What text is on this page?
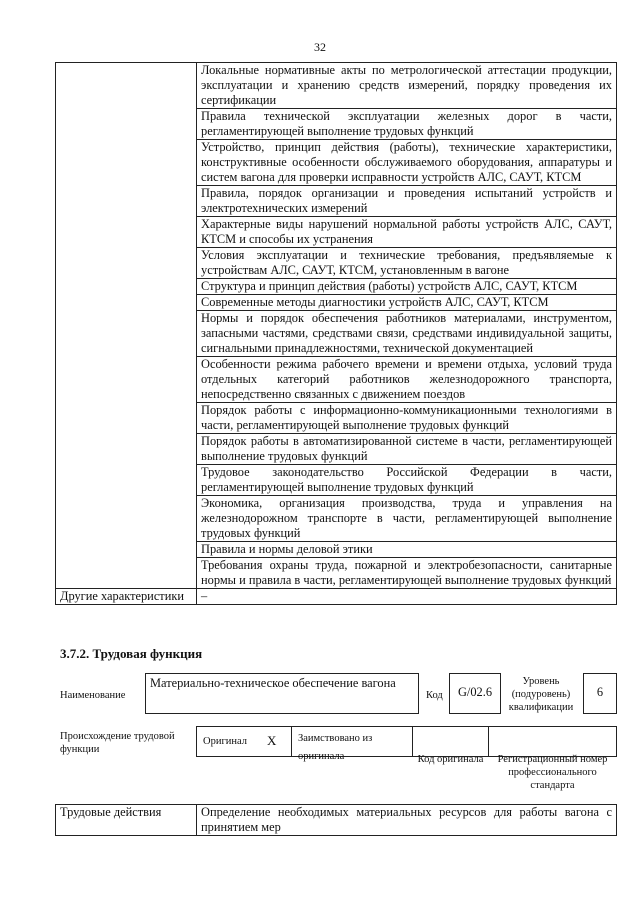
32
	Локальные нормативные акты по метрологической аттестации продукции, эксплуатации и хранению средств измерений, порядку проведения их сертификации
	Правила технической эксплуатации железных дорог в части, регламентирующей выполнение трудовых функций
	Устройство, принцип действия (работы), технические характеристики, конструктивные особенности обслуживаемого оборудования, аппаратуры и систем вагона для проверки исправности устройств АЛС, САУТ, КТСМ
	Правила, порядок организации и проведения испытаний устройств и электротехнических измерений
	Характерные виды нарушений нормальной работы устройств АЛС, САУТ, КТСМ и способы их устранения
	Условия эксплуатации и технические требования, предъявляемые к устройствам АЛС, САУТ, КТСМ, установленным в вагоне
	Структура и принцип действия (работы) устройств АЛС, САУТ, КТСМ
	Современные методы диагностики устройств АЛС, САУТ, КТСМ
	Нормы и порядок обеспечения работников материалами, инструментом, запасными частями, средствами связи, средствами индивидуальной защиты, сигнальными принадлежностями, технической документацией
	Особенности режима рабочего времени и времени отдыха, условий труда отдельных категорий работников железнодорожного транспорта, непосредственно связанных с движением поездов
	Порядок работы с информационно-коммуникационными технологиями в части, регламентирующей выполнение трудовых функций
	Порядок работы в автоматизированной системе в части, регламентирующей выполнение трудовых функций
	Трудовое законодательство Российской Федерации в части, регламентирующей выполнение трудовых функций
	Экономика, организация производства, труда и управления на железнодорожном транспорте в части, регламентирующей выполнение трудовых функций
	Правила и нормы деловой этики
	Требования охраны труда, пожарной и электробезопасности, санитарные нормы и правила в части, регламентирующей выполнение трудовых функций
Другие характеристики	–
3.7.2. Трудовая функция
Наименование
Материально-техническое обеспечение вагона
Код	G/02.6
Уровень (подуровень) квалификации
6
Происхождение трудовой функции
Оригинал Х	Заимствовано из оригинала	Код оригинала	Регистрационный номер профессионального стандарта
Трудовые действия	Определение необходимых материальных ресурсов для работы вагона с принятием мер
